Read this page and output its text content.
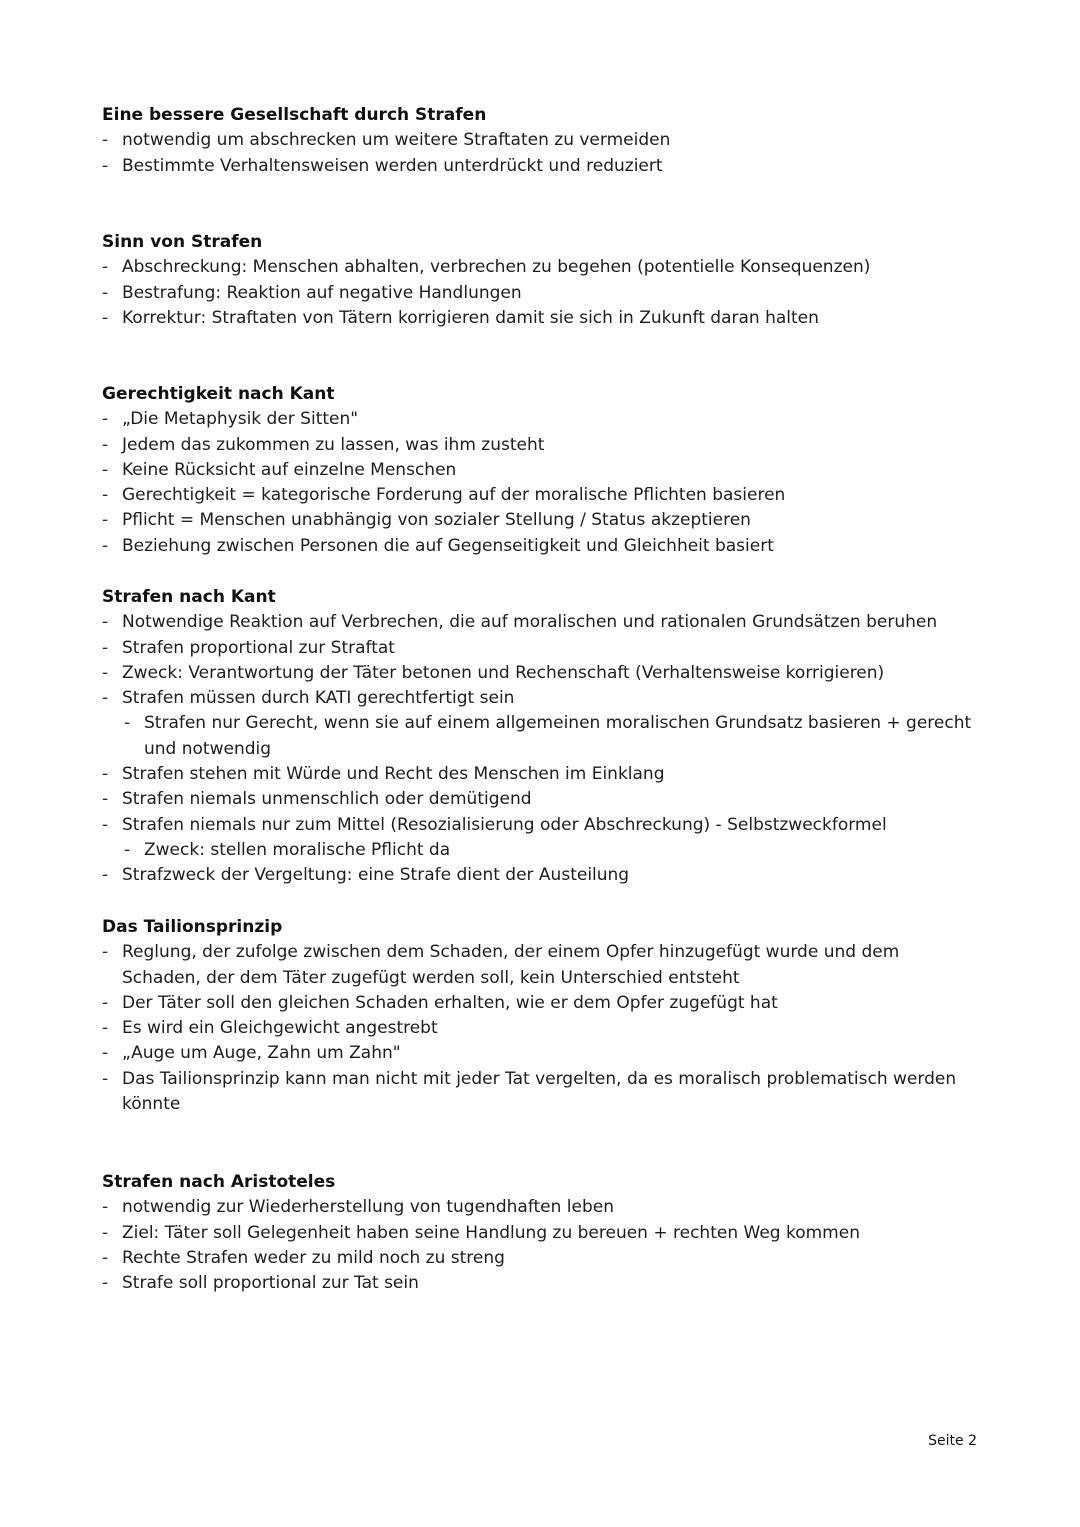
Eine bessere Gesellschaft durch Strafen
- notwendig um abschrecken um weitere Straftaten zu vermeiden
- Bestimmte Verhaltensweisen werden unterdrückt und reduziert
Sinn von Strafen
- Abschreckung: Menschen abhalten, verbrechen zu begehen (potentielle Konsequenzen)
- Bestrafung: Reaktion auf negative Handlungen
- Korrektur: Straftaten von Tätern korrigieren damit sie sich in Zukunft daran halten
Gerechtigkeit nach Kant
- „Die Metaphysik der Sitten"
- Jedem das zukommen zu lassen, was ihm zusteht
- Keine Rücksicht auf einzelne Menschen
- Gerechtigkeit = kategorische Forderung auf der moralische Pflichten basieren
- Pflicht = Menschen unabhängig von sozialer Stellung / Status akzeptieren
- Beziehung zwischen Personen die auf Gegenseitigkeit und Gleichheit basiert
Strafen nach Kant
- Notwendige Reaktion auf Verbrechen, die auf moralischen und rationalen Grundsätzen beruhen
- Strafen proportional zur Straftat
- Zweck: Verantwortung der Täter betonen und Rechenschaft (Verhaltensweise korrigieren)
- Strafen müssen durch KATI gerechtfertigt sein
- Strafen nur Gerecht, wenn sie auf einem allgemeinen moralischen Grundsatz basieren + gerecht und notwendig
- Strafen stehen mit Würde und Recht des Menschen im Einklang
- Strafen niemals unmenschlich oder demütigend
- Strafen niemals nur zum Mittel (Resozialisierung oder Abschreckung) - Selbstzweckformel
- Zweck: stellen moralische Pflicht da
- Strafzweck der Vergeltung: eine Strafe dient der Austeilung
Das Tailionsprinzip
- Reglung, der zufolge zwischen dem Schaden, der einem Opfer hinzugefügt wurde und dem Schaden, der dem Täter zugefügt werden soll, kein Unterschied entsteht
- Der Täter soll den gleichen Schaden erhalten, wie er dem Opfer zugefügt hat
- Es wird ein Gleichgewicht angestrebt
- „Auge um Auge, Zahn um Zahn"
- Das Tailionsprinzip kann man nicht mit jeder Tat vergelten, da es moralisch problematisch werden könnte
Strafen nach Aristoteles
- notwendig zur Wiederherstellung von tugendhaften leben
- Ziel: Täter soll Gelegenheit haben seine Handlung zu bereuen + rechten Weg kommen
- Rechte Strafen weder zu mild noch zu streng
- Strafe soll proportional zur Tat sein
Seite 2
